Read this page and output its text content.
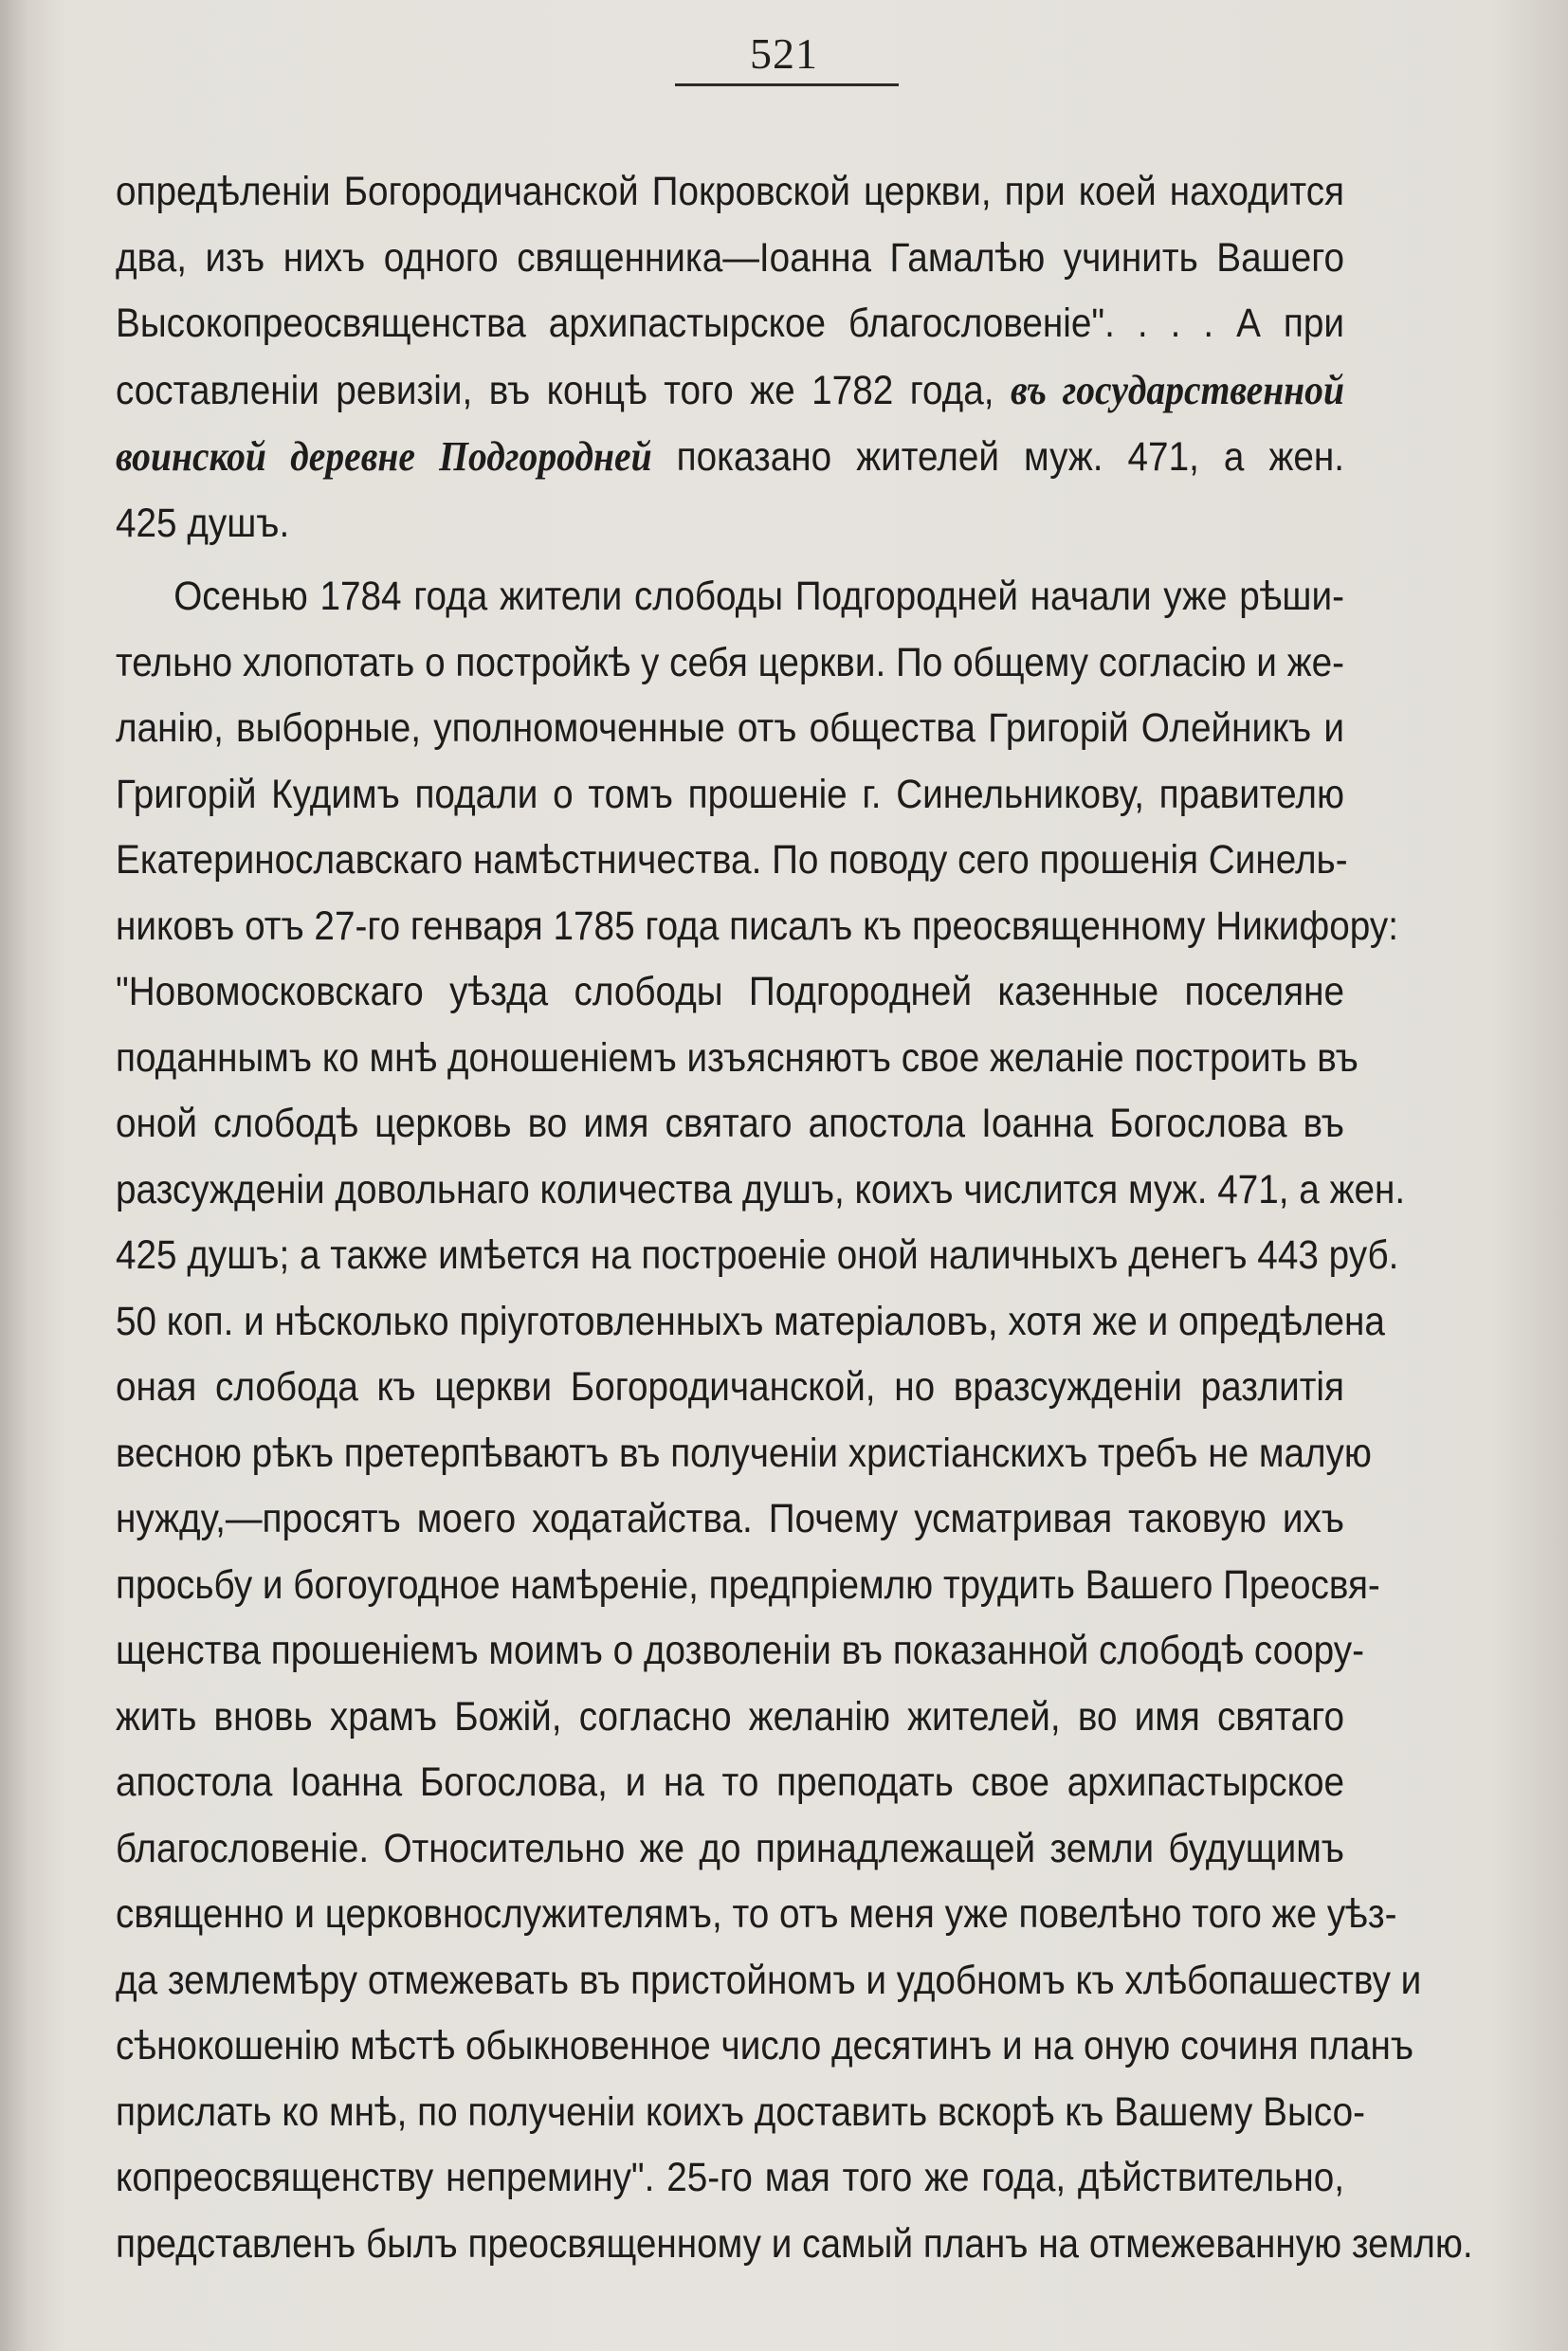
521
опредѣленіи Богородичанской Покровской церкви, при коей находится
два, изъ нихъ одного священника—Іоанна Гамалѣю учинить Вашего
Высокопреосвященства архипастырское благословеніе". . . . А при
составленіи ревизіи, въ концѣ того же 1782 года, въ государственной
воинской деревне Подгородней показано жителей муж. 471, а жен.
425 душъ.
Осенью 1784 года жители слободы Подгородней начали уже рѣши-
тельно хлопотать о постройкѣ у себя церкви. По общему согласію и же-
ланію, выборные, уполномоченные отъ общества Григорій Олейникъ и
Григорій Кудимъ подали о томъ прошеніе г. Синельникову, правителю
Екатеринославскаго намѣстничества. По поводу сего прошенія Синель-
никовъ отъ 27-го генваря 1785 года писалъ къ преосвященному Никифору:
"Новомосковскаго уѣзда слободы Подгородней казенные поселяне
поданнымъ ко мнѣ доношеніемъ изъясняютъ свое желаніе построить въ
оной слободѣ церковь во имя святаго апостола Іоанна Богослова въ
разсужденіи довольнаго количества душъ, коихъ числится муж. 471, а жен.
425 душъ; а также имѣется на построеніе оной наличныхъ денегъ 443 руб.
50 коп. и нѣсколько пріуготовленныхъ матеріаловъ, хотя же и опредѣлена
оная слобода къ церкви Богородичанской, но вразсужденіи разлитія
весною рѣкъ претерпѣваютъ въ полученіи христіанскихъ требъ не малую
нужду,—просятъ моего ходатайства. Почему усматривая таковую ихъ
просьбу и богоугодное намѣреніе, предпріемлю трудить Вашего Преосвя-
щенства прошеніемъ моимъ о дозволеніи въ показанной слободѣ соору-
жить вновь храмъ Божій, согласно желанію жителей, во имя святаго
апостола Іоанна Богослова, и на то преподать свое архипастырское
благословеніе. Относительно же до принадлежащей земли будущимъ
священно и церковнослужителямъ, то отъ меня уже повелѣно того же уѣз-
да землемѣру отмежевать въ пристойномъ и удобномъ къ хлѣбопашеству и
сѣнокошенію мѣстѣ обыкновенное число десятинъ и на оную сочиня планъ
прислать ко мнѣ, по полученіи коихъ доставить вскорѣ къ Вашему Высо-
копреосвященству непремину". 25-го мая того же года, дѣйствительно,
представленъ былъ преосвященному и самый планъ на отмежеванную землю.
